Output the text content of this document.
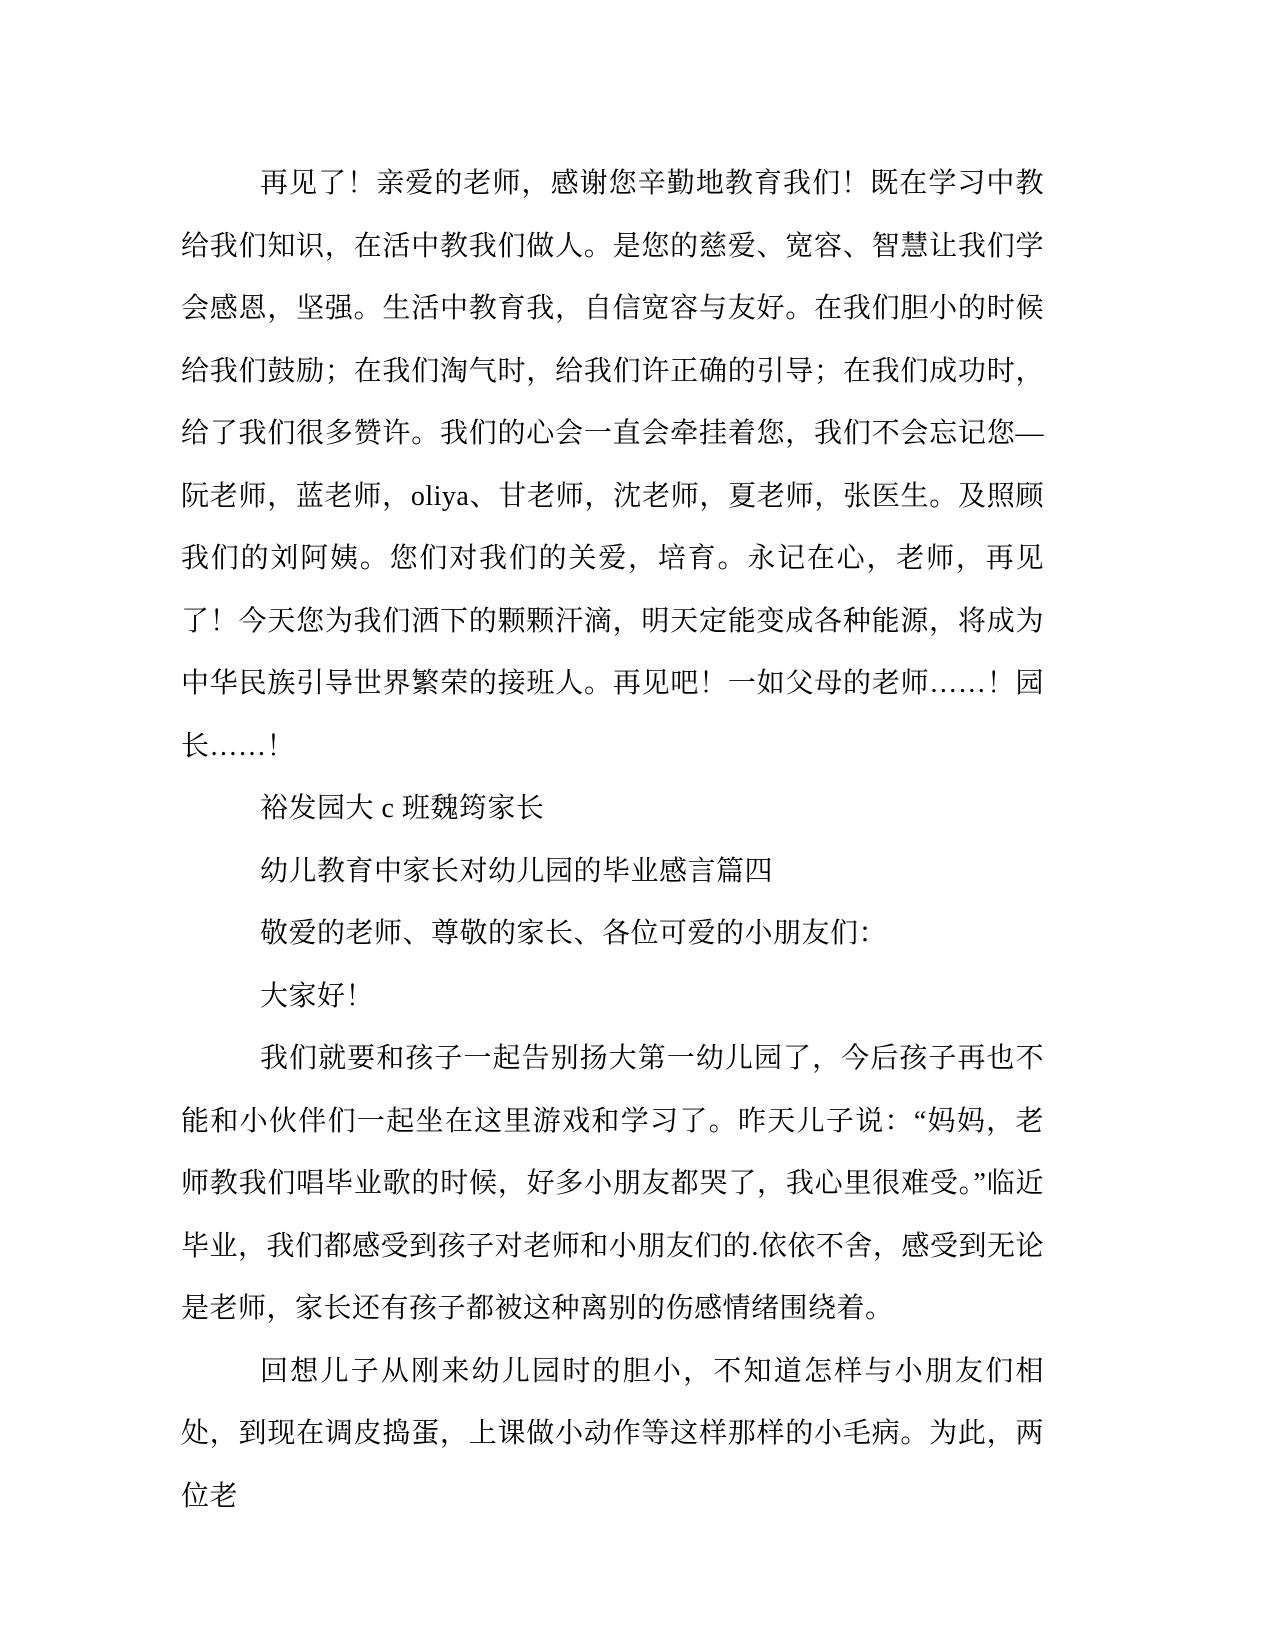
再见了！亲爱的老师，感谢您辛勤地教育我们！既在学习中教给我们知识，在活中教我们做人。是您的慈爱、宽容、智慧让我们学会感恩，坚强。生活中教育我，自信宽容与友好。在我们胆小的时候给我们鼓励；在我们淘气时，给我们许正确的引导；在我们成功时，给了我们很多赞许。我们的心会一直会牵挂着您，我们不会忘记您—阮老师，蓝老师，oliya、甘老师，沈老师，夏老师，张医生。及照顾我们的刘阿姨。您们对我们的关爱，培育。永记在心，老师，再见了！今天您为我们洒下的颗颗汗滴，明天定能变成各种能源，将成为中华民族引导世界繁荣的接班人。再见吧！一如父母的老师……！园长……！

裕发园大 c 班魏筠家长

幼儿教育中家长对幼儿园的毕业感言篇四

敬爱的老师、尊敬的家长、各位可爱的小朋友们：

大家好！

我们就要和孩子一起告别扬大第一幼儿园了，今后孩子再也不能和小伙伴们一起坐在这里游戏和学习了。昨天儿子说：“妈妈，老师教我们唱毕业歌的时候，好多小朋友都哭了，我心里很难受。”临近毕业，我们都感受到孩子对老师和小朋友们的.依依不舍，感受到无论是老师，家长还有孩子都被这种离别的伤感情绪围绕着。

回想儿子从刚来幼儿园时的胆小，不知道怎样与小朋友们相处，到现在调皮捣蛋，上课做小动作等这样那样的小毛病。为此，两位老
